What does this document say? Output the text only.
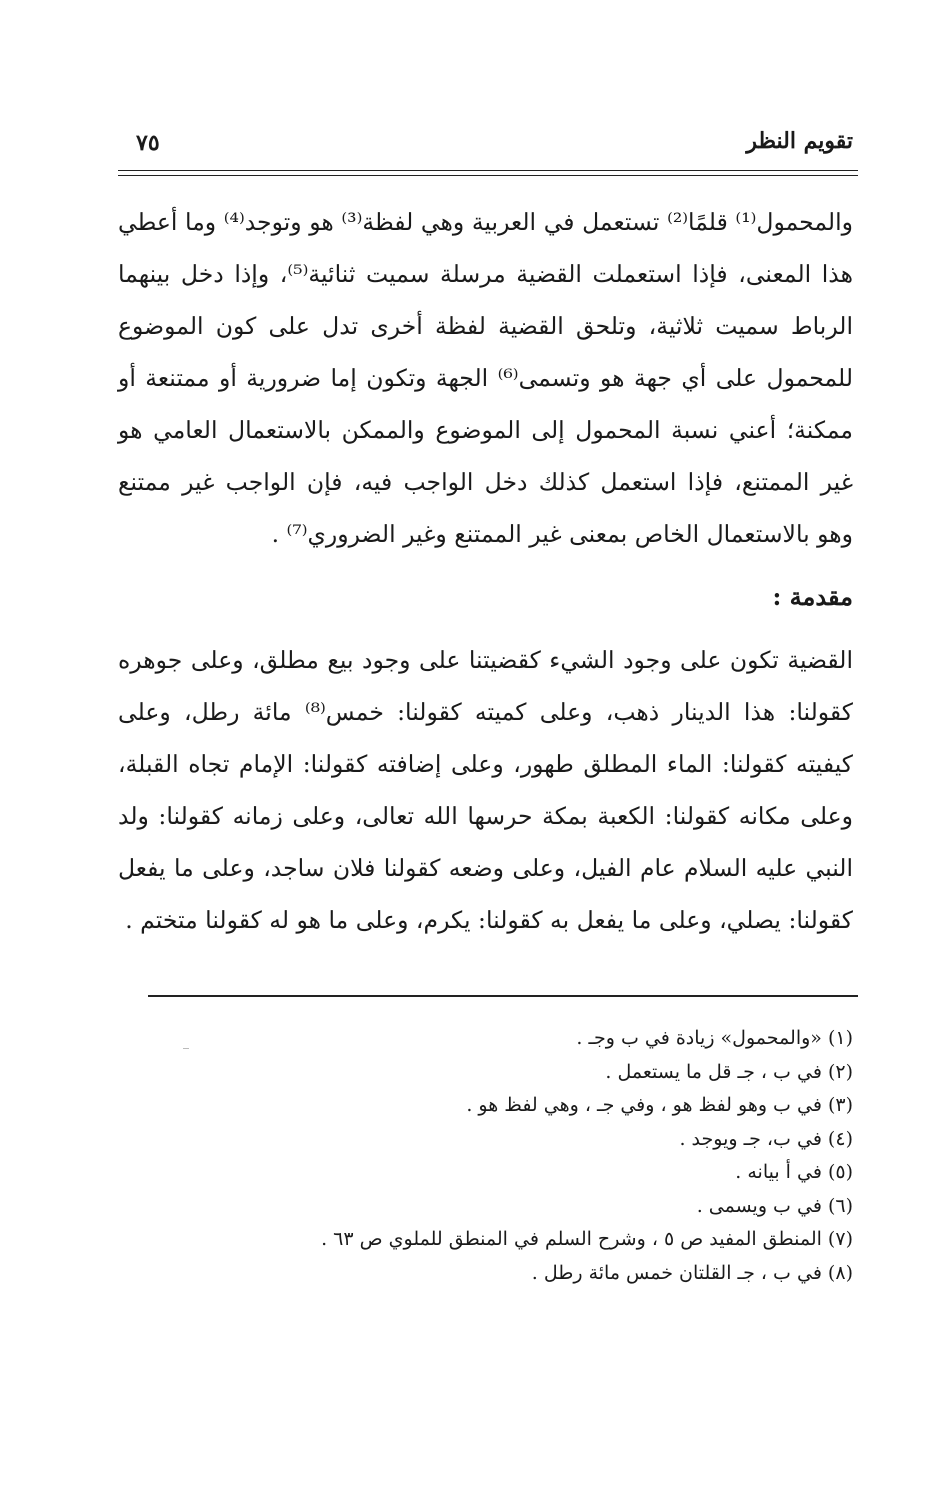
تقويم النظر
٧٥

والمحمول⁽¹⁾ قلمًا⁽²⁾ تستعمل في العربية وهي لفظة⁽³⁾ هو وتوجد⁽⁴⁾ وما أعطي هذا المعنى، فإذا استعملت القضية مرسلة سميت ثنائية⁽⁵⁾، وإذا دخل بينهما الرباط سميت ثلاثية، وتلحق القضية لفظة أخرى تدل على كون الموضوع للمحمول على أي جهة هو وتسمى⁽⁶⁾ الجهة وتكون إما ضرورية أو ممتنعة أو ممكنة؛ أعني نسبة المحمول إلى الموضوع والممكن بالاستعمال العامي هو غير الممتنع، فإذا استعمل كذلك دخل الواجب فيه، فإن الواجب غير ممتنع وهو بالاستعمال الخاص بمعنى غير الممتنع وغير الضروري⁽⁷⁾ .

مقدمة :

القضية تكون على وجود الشيء كقضيتنا على وجود بيع مطلق، وعلى جوهره كقولنا: هذا الدينار ذهب، وعلى كميته كقولنا: خمس⁽⁸⁾ مائة رطل، وعلى كيفيته كقولنا: الماء المطلق طهور، وعلى إضافته كقولنا: الإمام تجاه القبلة، وعلى مكانه كقولنا: الكعبة بمكة حرسها الله تعالى، وعلى زمانه كقولنا: ولد النبي عليه السلام عام الفيل، وعلى وضعه كقولنا فلان ساجد، وعلى ما يفعل كقولنا: يصلي، وعلى ما يفعل به كقولنا: يكرم، وعلى ما هو له كقولنا متختم .

(١) «والمحمول» زيادة في ب وجـ .

(٢) في ب ، جـ قل ما يستعمل .

(٣) في ب وهو لفظ هو ، وفي جـ ، وهي لفظ هو .

(٤) في ب، جـ ويوجد .

(٥) في أ بيانه .

(٦) في ب ويسمى .

(٧) المنطق المفيد ص ٥ ، وشرح السلم في المنطق للملوي ص ٦٣ .

(٨) في ب ، جـ القلتان خمس مائة رطل .
